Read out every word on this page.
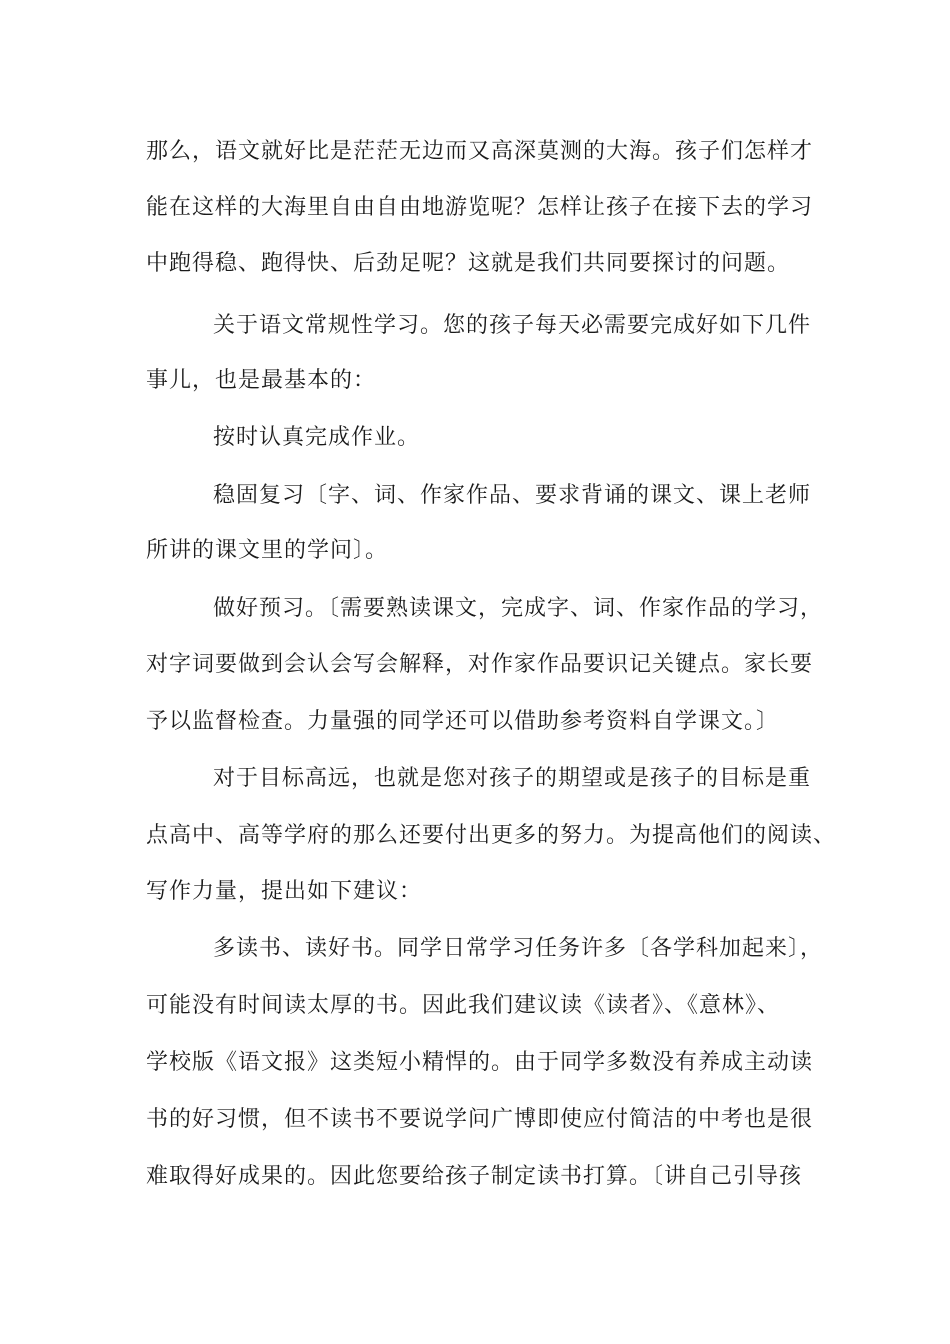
那么，语文就好比是茫茫无边而又高深莫测的大海。孩子们怎样才
能在这样的大海里自由自由地游览呢？怎样让孩子在接下去的学习
中跑得稳、跑得快、后劲足呢？这就是我们共同要探讨的问题。
关于语文常规性学习。您的孩子每天必需要完成好如下几件
事儿，也是最基本的：
按时认真完成作业。
稳固复习〔字、词、作家作品、要求背诵的课文、课上老师
所讲的课文里的学问〕。
做好预习。〔需要熟读课文，完成字、词、作家作品的学习，
对字词要做到会认会写会解释，对作家作品要识记关键点。家长要
予以监督检查。力量强的同学还可以借助参考资料自学课文。〕
对于目标高远，也就是您对孩子的期望或是孩子的目标是重
点高中、高等学府的那么还要付出更多的努力。为提高他们的阅读、
写作力量，提出如下建议：
多读书、读好书。同学日常学习任务许多〔各学科加起来〕，
可能没有时间读太厚的书。因此我们建议读《读者》、《意林》、
学校版《语文报》这类短小精悍的。由于同学多数没有养成主动读
书的好习惯，但不读书不要说学问广博即使应付简洁的中考也是很
难取得好成果的。因此您要给孩子制定读书打算。〔讲自己引导孩
